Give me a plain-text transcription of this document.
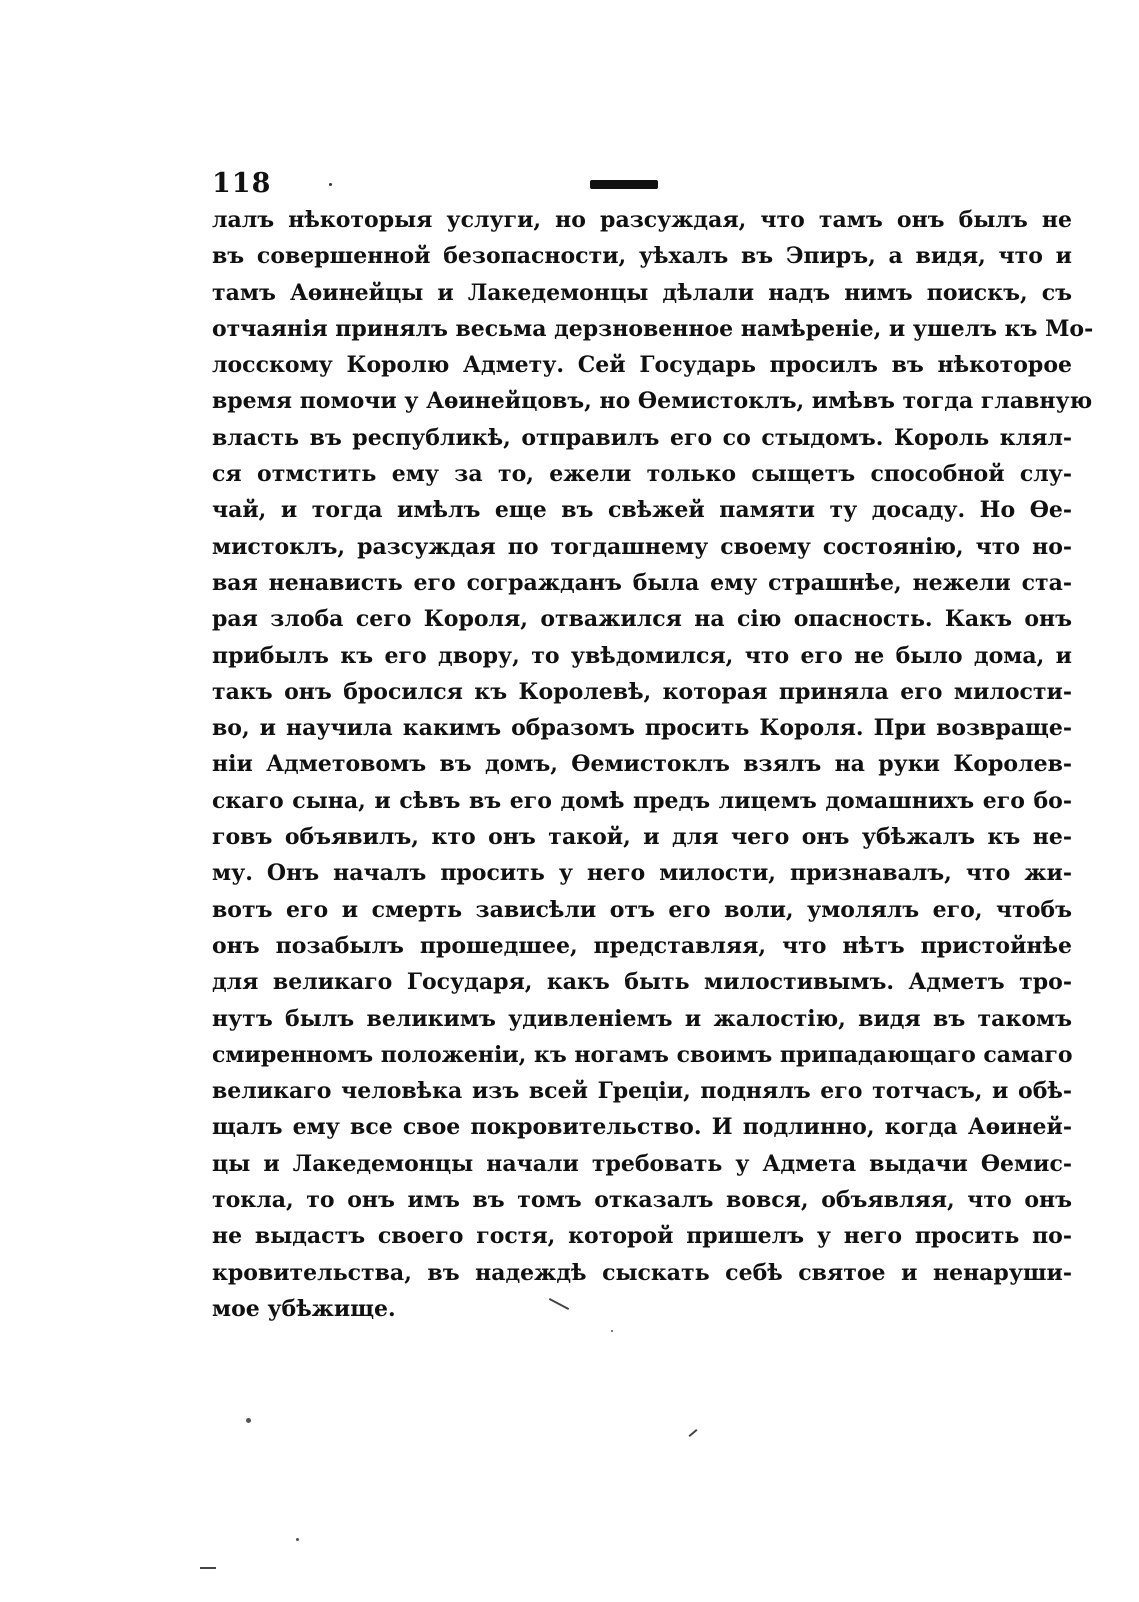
118
лалъ нѣкоторыя услуги, но разсуждая, что тамъ онъ былъ не
въ совершенной безопасности, уѣхалъ въ Эпиръ, а видя, что и
тамъ Аѳинейцы и Лакедемонцы дѣлали надъ нимъ поискъ, съ
отчаянія принялъ весьма дерзновенное намѣреніе, и ушелъ къ Мо-
лосскому Королю Адмету. Сей Государь просилъ въ нѣкоторое
время помочи у Аѳинейцовъ, но Ѳемистоклъ, имѣвъ тогда главную
власть въ республикѣ, отправилъ его со стыдомъ. Король клял-
ся отмстить ему за то, ежели только сыщетъ способной слу-
чай, и тогда имѣлъ еще въ свѣжей памяти ту досаду. Но Ѳе-
мистоклъ, разсуждая по тогдашнему своему состоянію, что но-
вая ненависть его согражданъ была ему страшнѣе, нежели ста-
рая злоба сего Короля, отважился на сію опасность. Какъ онъ
прибылъ къ его двору, то увѣдомился, что его не было дома, и
такъ онъ бросился къ Королевѣ, которая приняла его милости-
во, и научила какимъ образомъ просить Короля. При возвраще-
ніи Адметовомъ въ домъ, Ѳемистоклъ взялъ на руки Королев-
скаго сына, и сѣвъ въ его домѣ предъ лицемъ домашнихъ его бо-
говъ объявилъ, кто онъ такой, и для чего онъ убѣжалъ къ не-
му. Онъ началъ просить у него милости, признавалъ, что жи-
вотъ его и смерть зависѣли отъ его воли, умолялъ его, чтобъ
онъ позабылъ прошедшее, представляя, что нѣтъ пристойнѣе
для великаго Государя, какъ быть милостивымъ. Адметъ тро-
нутъ былъ великимъ удивленіемъ и жалостію, видя въ такомъ
смиренномъ положеніи, къ ногамъ своимъ припадающаго самаго
великаго человѣка изъ всей Греціи, поднялъ его тотчасъ, и обѣ-
щалъ ему все свое покровительство. И подлинно, когда Аѳиней-
цы и Лакедемонцы начали требовать у Адмета выдачи Ѳемис-
токла, то онъ имъ въ томъ отказалъ вовся, объявляя, что онъ
не выдастъ своего гостя, которой пришелъ у него просить по-
кровительства, въ надеждѣ сыскать себѣ святое и ненаруши-
мое убѣжище.
